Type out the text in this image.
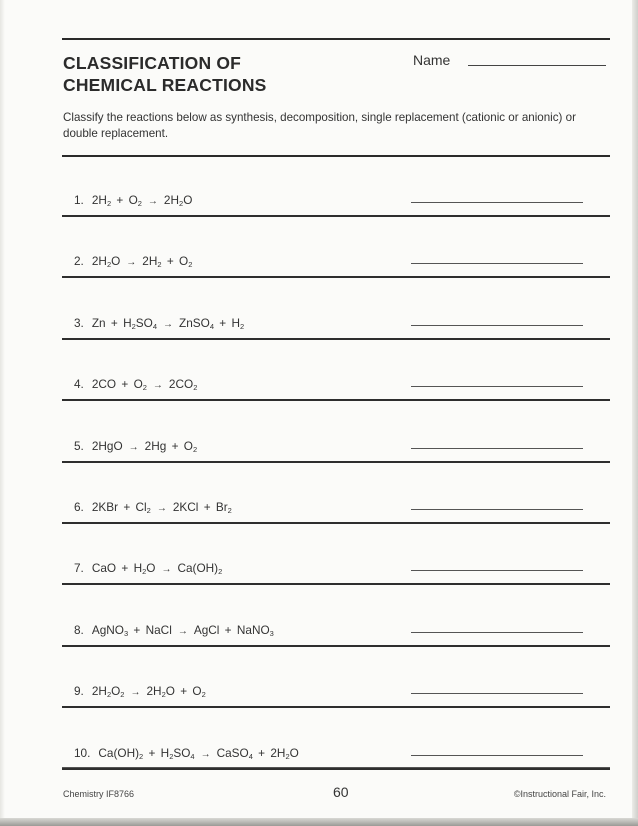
CLASSIFICATION OF
CHEMICAL REACTIONS
Name

Classify the reactions below as synthesis, decomposition, single replacement (cationic or anionic) or double replacement.

1. $2H_2 + O_2 \to 2H_2O$
2. $2H_2O \to 2H_2 + O_2$
3. $Zn + H_2SO_4$ → ZnSO$_4$ + $H_2$
4. $2CO + O_2 \to 2CO_2$
5. $2HgO \to 2Hg + O_2$
6. $2KBr + Cl_2 \to 2KCl + Br_2$
7. CaO + $H_2O \to Ca(OH)_2$
8. AgNO$_3$ + NaCl → AgCl + NaNO$_3$
9. $2H_2O_2 \to 2H_2O + O_2$
10. $Ca(OH)_2 + H_2SO_4$ → CaSO$_4$ + $2H_2O$
Chemistry IF8766	60	©Instructional Fair, Inc.
